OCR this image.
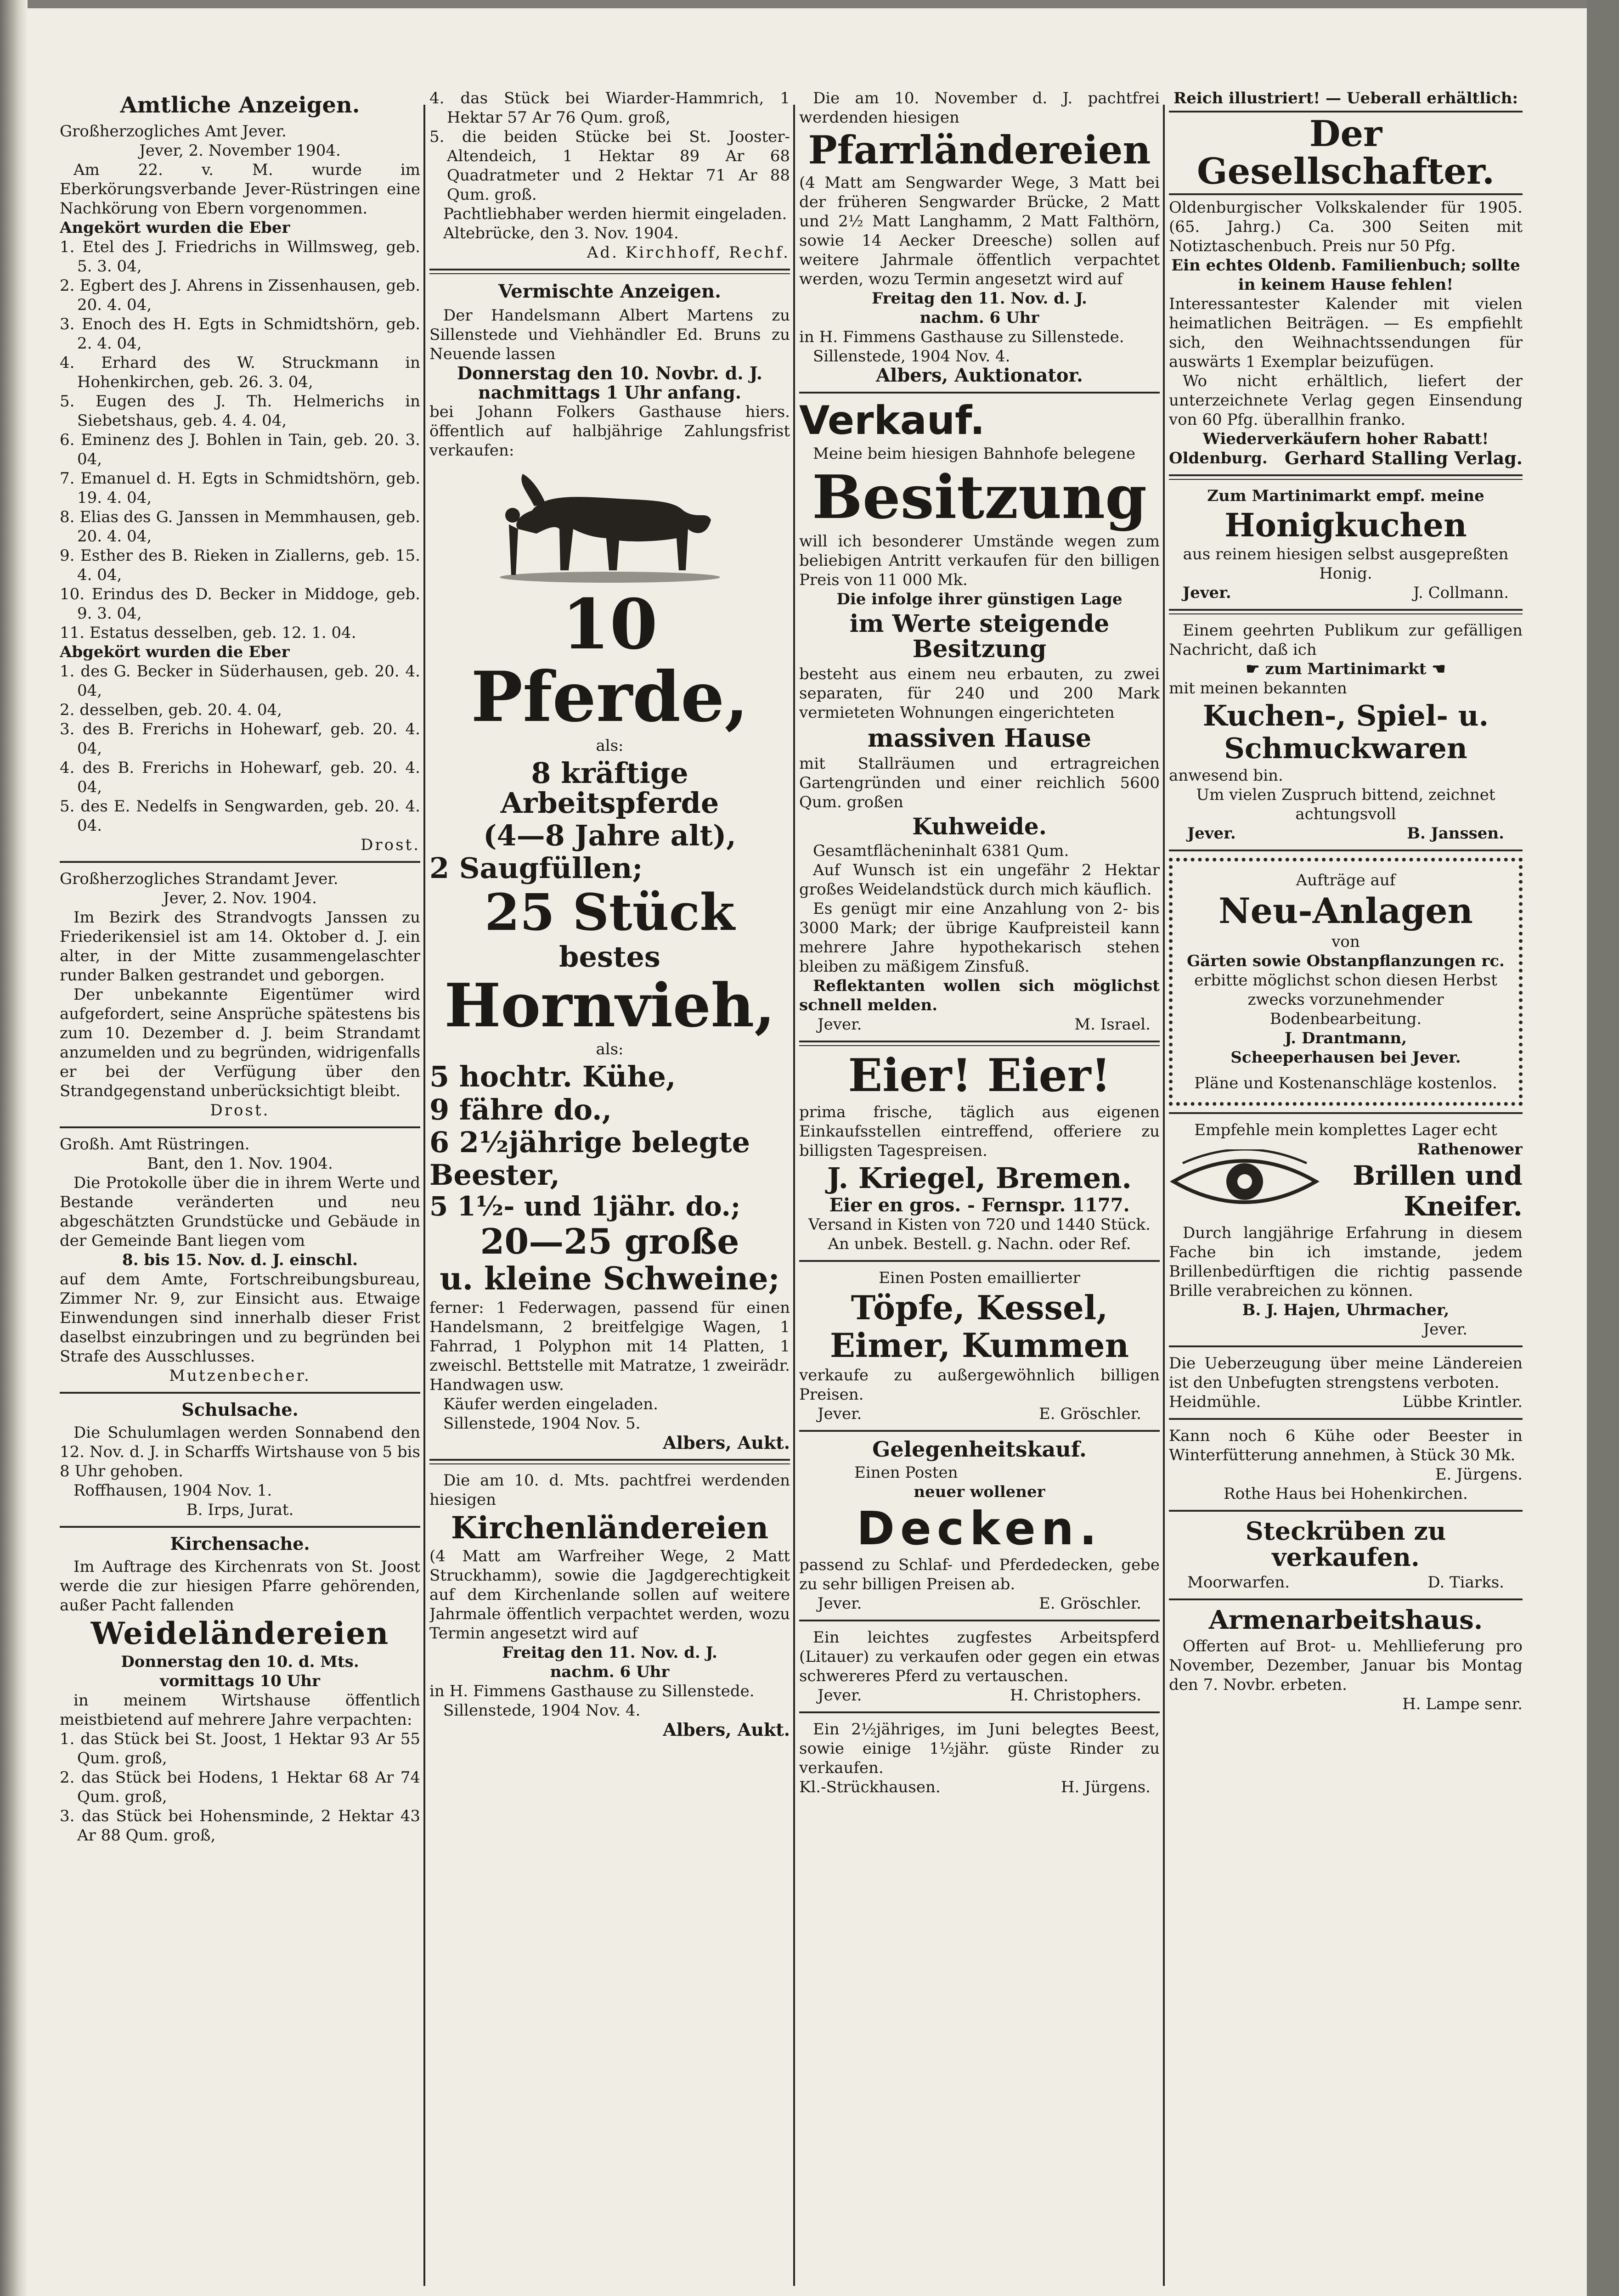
Amtliche Anzeigen.

Großherzogliches Amt Jever.

Jever, 2. November 1904.

Am 22. v. M. wurde im Eberkörungsverbande Jever-Rüstringen eine Nachkörung von Ebern vorgenommen.

Angekört wurden die Eber

1. Etel des J. Friedrichs in Willmsweg, geb. 5. 3. 04,

2. Egbert des J. Ahrens in Zissenhausen, geb. 20. 4. 04,

3. Enoch des H. Egts in Schmidtshörn, geb. 2. 4. 04,

4. Erhard des W. Struckmann in Hohenkirchen, geb. 26. 3. 04,

5. Eugen des J. Th. Helmerichs in Siebetshaus, geb. 4. 4. 04,

6. Eminenz des J. Bohlen in Tain, geb. 20. 3. 04,

7. Emanuel d. H. Egts in Schmidtshörn, geb. 19. 4. 04,

8. Elias des G. Janssen in Memmhausen, geb. 20. 4. 04,

9. Esther des B. Rieken in Ziallerns, geb. 15. 4. 04,

10. Erindus des D. Becker in Middoge, geb. 9. 3. 04,

11. Estatus desselben, geb. 12. 1. 04.

Abgekört wurden die Eber

1. des G. Becker in Süderhausen, geb. 20. 4. 04,

2. desselben, geb. 20. 4. 04,

3. des B. Frerichs in Hohewarf, geb. 20. 4. 04,

4. des B. Frerichs in Hohewarf, geb. 20. 4. 04,

5. des E. Nedelfs in Sengwarden, geb. 20. 4. 04.

Drost.

Großherzogliches Strandamt Jever.

Jever, 2. Nov. 1904.

Im Bezirk des Strandvogts Janssen zu Friederikensiel ist am 14. Oktober d. J. ein alter, in der Mitte zusammengelaschter runder Balken gestrandet und geborgen.

Der unbekannte Eigentümer wird aufgefordert, seine Ansprüche spätestens bis zum 10. Dezember d. J. beim Strandamt anzumelden und zu begründen, widrigenfalls er bei der Verfügung über den Strandgegenstand unberücksichtigt bleibt.

Drost.

Großh. Amt Rüstringen.

Bant, den 1. Nov. 1904.

Die Protokolle über die in ihrem Werte und Bestande veränderten und neu abgeschätzten Grundstücke und Gebäude in der Gemeinde Bant liegen vom

8. bis 15. Nov. d. J. einschl.

auf dem Amte, Fortschreibungsbureau, Zimmer Nr. 9, zur Einsicht aus. Etwaige Einwendungen sind innerhalb dieser Frist daselbst einzubringen und zu begründen bei Strafe des Ausschlusses.

Mutzenbecher.

Schulsache.

Die Schulumlagen werden Sonnabend den 12. Nov. d. J. in Scharffs Wirtshause von 5 bis 8 Uhr gehoben.

Roffhausen, 1904 Nov. 1.

B. Irps, Jurat.

Kirchensache.

Im Auftrage des Kirchenrats von St. Joost werde die zur hiesigen Pfarre gehörenden, außer Pacht fallenden

Weideländereien

Donnerstag den 10. d. Mts.

vormittags 10 Uhr

in meinem Wirtshause öffentlich meistbietend auf mehrere Jahre verpachten:

1. das Stück bei St. Joost, 1 Hektar 93 Ar 55 Qum. groß,

2. das Stück bei Hodens, 1 Hektar 68 Ar 74 Qum. groß,

3. das Stück bei Hohensminde, 2 Hektar 43 Ar 88 Qum. groß,

4. das Stück bei Wiarder-Hammrich, 1 Hektar 57 Ar 76 Qum. groß,

5. die beiden Stücke bei St. Jooster-Altendeich, 1 Hektar 89 Ar 68 Quadratmeter und 2 Hektar 71 Ar 88 Qum. groß.

Pachtliebhaber werden hiermit eingeladen.

Altebrücke, den 3. Nov. 1904.

Ad. Kirchhoff, Rechf.

Vermischte Anzeigen.

Der Handelsmann Albert Martens zu Sillenstede und Viehhändler Ed. Bruns zu Neuende lassen

Donnerstag den 10. Novbr. d. J.

nachmittags 1 Uhr anfang.

bei Johann Folkers Gasthause hiers. öffentlich auf halbjährige Zahlungsfrist verkaufen:

10 Pferde,

als:

8 kräftige Arbeitspferde

(4—8 Jahre alt),

2 Saugfüllen;

25 Stück

bestes

Hornvieh,

als:

5 hochtr. Kühe,

9 fähre do.,

6 2½jährige belegte

Beester,

5 1½- und 1jähr. do.;

20—25 große

u. kleine Schweine;

ferner: 1 Federwagen, passend für einen Handelsmann, 2 breitfelgige Wagen, 1 Fahrrad, 1 Polyphon mit 14 Platten, 1 zweischl. Bettstelle mit Matratze, 1 zweirädr. Handwagen usw.

Käufer werden eingeladen.

Sillenstede, 1904 Nov. 5.

Albers, Aukt.

Die am 10. d. Mts. pachtfrei werdenden hiesigen

Kirchenländereien

(4 Matt am Warfreiher Wege, 2 Matt Struckhamm), sowie die Jagdgerechtigkeit auf dem Kirchenlande sollen auf weitere Jahrmale öffentlich verpachtet werden, wozu Termin angesetzt wird auf

Freitag den 11. Nov. d. J.

nachm. 6 Uhr

in H. Fimmens Gasthause zu Sillenstede.

Sillenstede, 1904 Nov. 4.

Albers, Aukt.

Die am 10. November d. J. pachtfrei werdenden hiesigen

Pfarrländereien

(4 Matt am Sengwarder Wege, 3 Matt bei der früheren Sengwarder Brücke, 2 Matt und 2½ Matt Langhamm, 2 Matt Falthörn, sowie 14 Aecker Dreesche) sollen auf weitere Jahrmale öffentlich verpachtet werden, wozu Termin angesetzt wird auf

Freitag den 11. Nov. d. J.

nachm. 6 Uhr

in H. Fimmens Gasthause zu Sillenstede.

Sillenstede, 1904 Nov. 4.

Albers, Auktionator.

Verkauf.

Meine beim hiesigen Bahnhofe belegene

Besitzung

will ich besonderer Umstände wegen zum beliebigen Antritt verkaufen für den billigen Preis von 11 000 Mk.

Die infolge ihrer günstigen Lage

im Werte steigende Besitzung

besteht aus einem neu erbauten, zu zwei separaten, für 240 und 200 Mark vermieteten Wohnungen eingerichteten

massiven Hause

mit Stallräumen und ertragreichen Gartengründen und einer reichlich 5600 Qum. großen

Kuhweide.

Gesamtflächeninhalt 6381 Qum.

Auf Wunsch ist ein ungefähr 2 Hektar großes Weidelandstück durch mich käuflich.

Es genügt mir eine Anzahlung von 2- bis 3000 Mark; der übrige Kaufpreisteil kann mehrere Jahre hypothekarisch stehen bleiben zu mäßigem Zinsfuß.

Reflektanten wollen sich möglichst schnell melden.

Jever.	M. Israel.

Eier! Eier!

prima frische, täglich aus eigenen Einkaufsstellen eintreffend, offeriere zu billigsten Tagespreisen.

J. Kriegel, Bremen.

Eier en gros. - Fernspr. 1177.

Versand in Kisten von 720 und 1440 Stück.

An unbek. Bestell. g. Nachn. oder Ref.

Einen Posten emaillierter

Töpfe, Kessel,

Eimer, Kummen

verkaufe zu außergewöhnlich billigen Preisen.

Jever.	E. Gröschler.

Gelegenheitskauf.

Einen Posten

neuer wollener

Decken.

passend zu Schlaf- und Pferdedecken, gebe zu sehr billigen Preisen ab.

Jever.	E. Gröschler.

Ein leichtes zugfestes Arbeitspferd (Litauer) zu verkaufen oder gegen ein etwas schwereres Pferd zu vertauschen.

Jever.	H. Christophers.

Ein 2½jähriges, im Juni belegtes Beest, sowie einige 1½jähr. güste Rinder zu verkaufen.

Kl.-Strückhausen.	H. Jürgens.

Reich illustriert! — Ueberall erhältlich:

Der Gesellschafter.

Oldenburgischer Volkskalender für 1905. (65. Jahrg.) Ca. 300 Seiten mit Notiztaschenbuch. Preis nur 50 Pfg.

Ein echtes Oldenb. Familienbuch; sollte in keinem Hause fehlen!

Interessantester Kalender mit vielen heimatlichen Beiträgen. — Es empfiehlt sich, den Weihnachtssendungen für auswärts 1 Exemplar beizufügen.

Wo nicht erhältlich, liefert der unterzeichnete Verlag gegen Einsendung von 60 Pfg. überallhin franko.

Wiederverkäufern hoher Rabatt!

Oldenburg. Gerhard Stalling Verlag.

Zum Martinimarkt empf. meine

Honigkuchen

aus reinem hiesigen selbst ausgepreßten Honig.

Jever.	J. Collmann.

Einem geehrten Publikum zur gefälligen Nachricht, daß ich

☛ zum Martinimarkt ☚

mit meinen bekannten

Kuchen-, Spiel- u.

Schmuckwaren

anwesend bin.

Um vielen Zuspruch bittend, zeichnet achtungsvoll

Jever.	B. Janssen.

Aufträge auf

Neu-Anlagen

von

Gärten sowie Obstanpflanzungen rc.

erbitte möglichst schon diesen Herbst zwecks vorzunehmender Bodenbearbeitung.

J. Drantmann,

Scheeperhausen bei Jever.

Pläne und Kostenanschläge kostenlos.

Empfehle mein komplettes Lager echt

Rathenower

Brillen und

Kneifer.

Durch langjährige Erfahrung in diesem Fache bin ich imstande, jedem Brillenbedürftigen die richtig passende Brille verabreichen zu können.

B. J. Hajen, Uhrmacher,

Jever.

Die Ueberzeugung über meine Ländereien ist den Unbefugten strengstens verboten.

Heidmühle.	Lübbe Krintler.

Kann noch 6 Kühe oder Beester in Winterfütterung annehmen, à Stück 30 Mk.

E. Jürgens.

Rothe Haus bei Hohenkirchen.

Steckrüben zu verkaufen.

Moorwarfen.	D. Tiarks.

Armenarbeitshaus.

Offerten auf Brot- u. Mehllieferung pro November, Dezember, Januar bis Montag den 7. Novbr. erbeten.

H. Lampe senr.
